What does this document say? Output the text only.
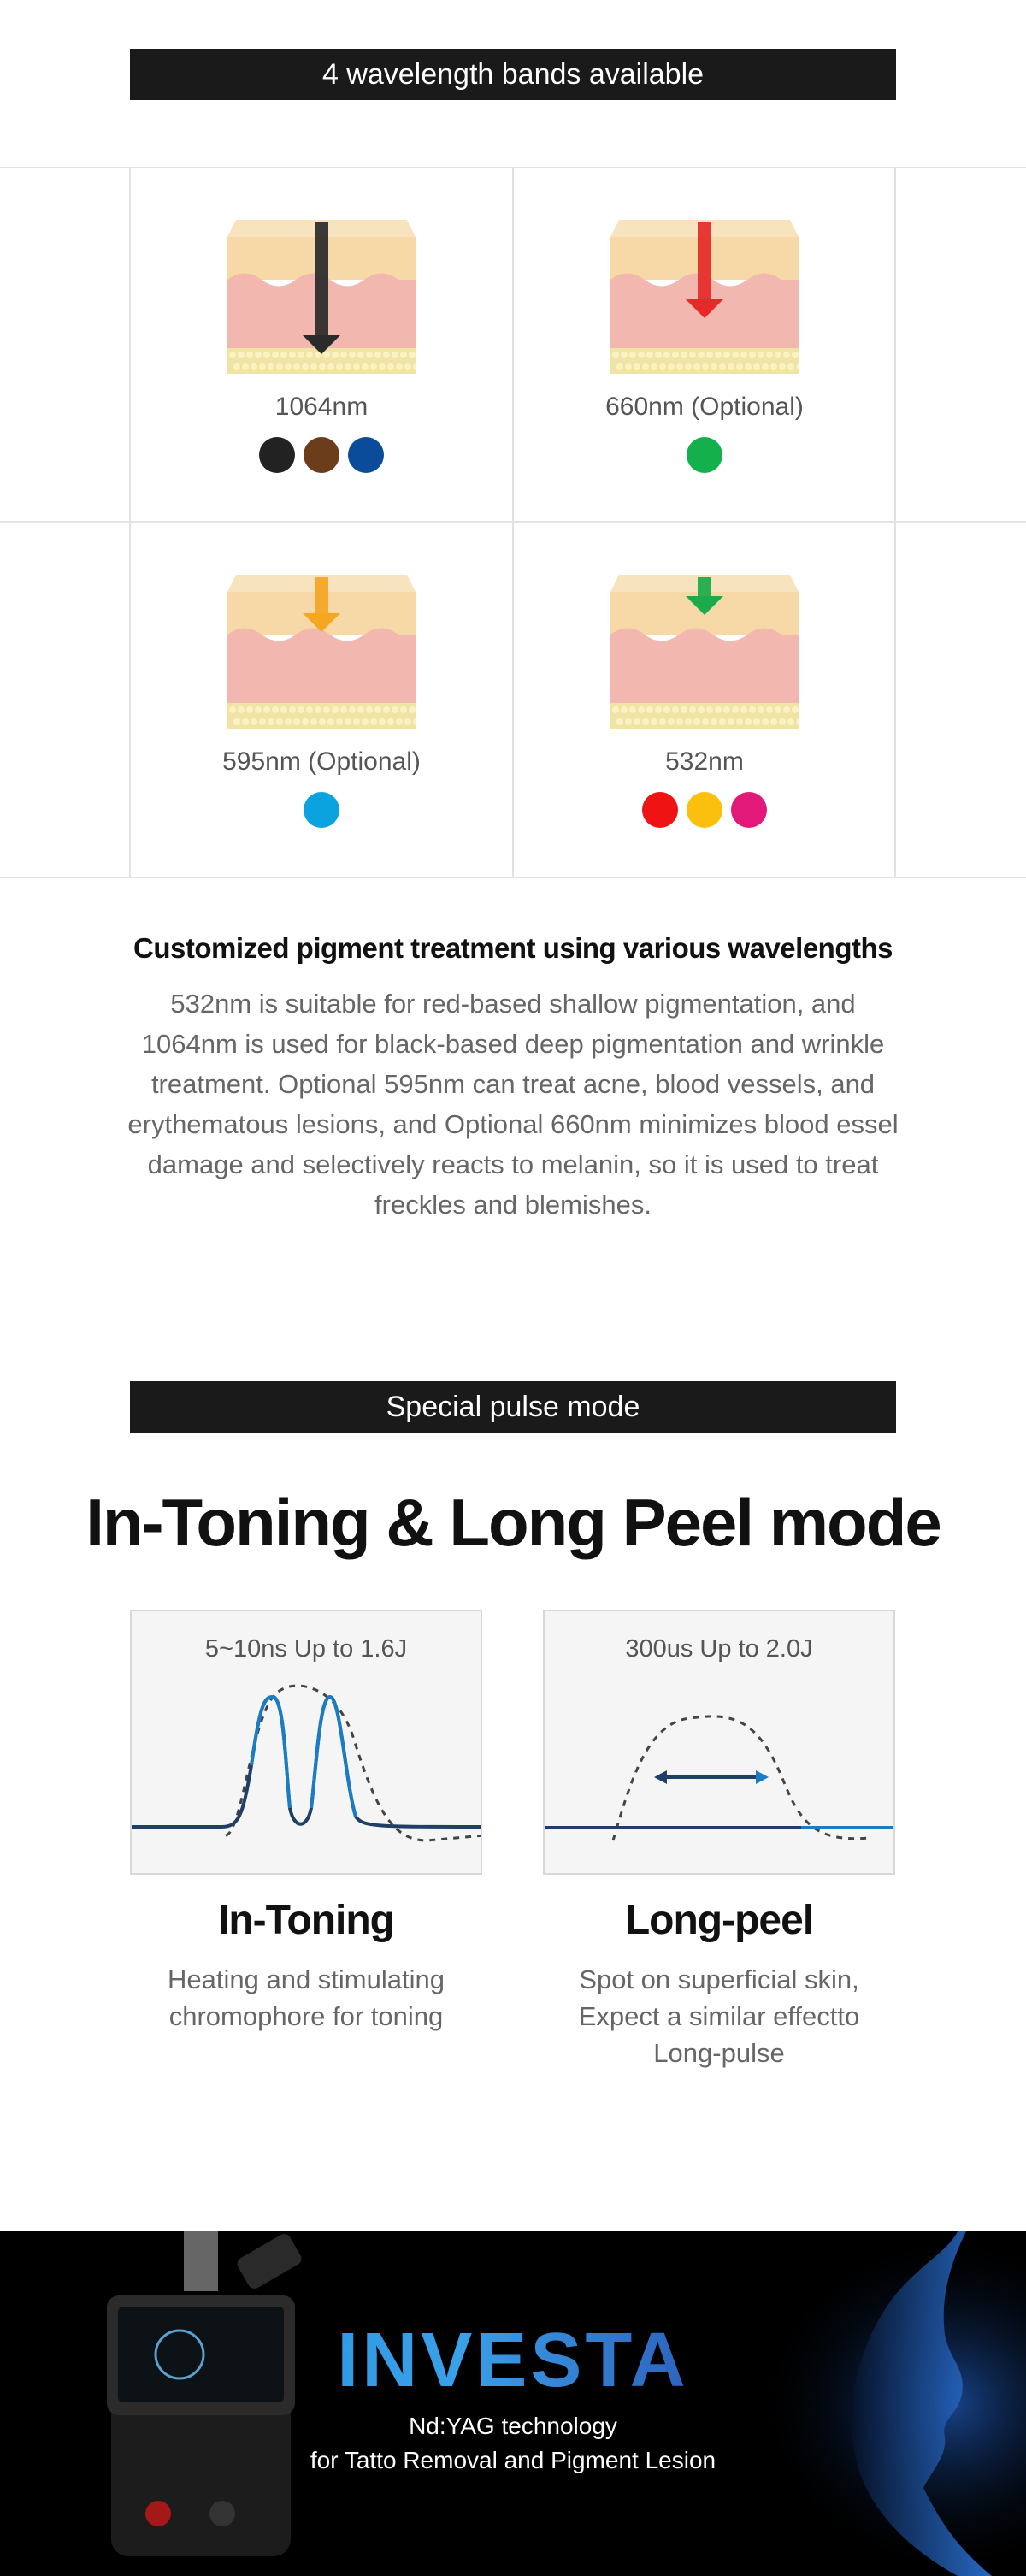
4 wavelength bands available
1064nm	660nm (Optional)
595nm (Optional)	532nm
Customized pigment treatment using various wavelengths
532nm is suitable for red-based shallow pigmentation, and 1064nm is used for black-based deep pigmentation and wrinkle treatment. Optional 595nm can treat acne, blood vessels, and erythematous lesions, and Optional 660nm minimizes blood essel damage and selectively reacts to melanin, so it is used to treat freckles and blemishes.
Special pulse mode
In-Toning & Long Peel mode
5~10ns Up to 1.6J	300us Up to 2.0J
In-Toning
Heating and stimulating
chromophore for toning
Long-peel
Spot on superficial skin,
Expect a similar effectto
Long-pulse
INVESTA
Nd:YAG technology
for Tatto Removal and Pigment Lesion
